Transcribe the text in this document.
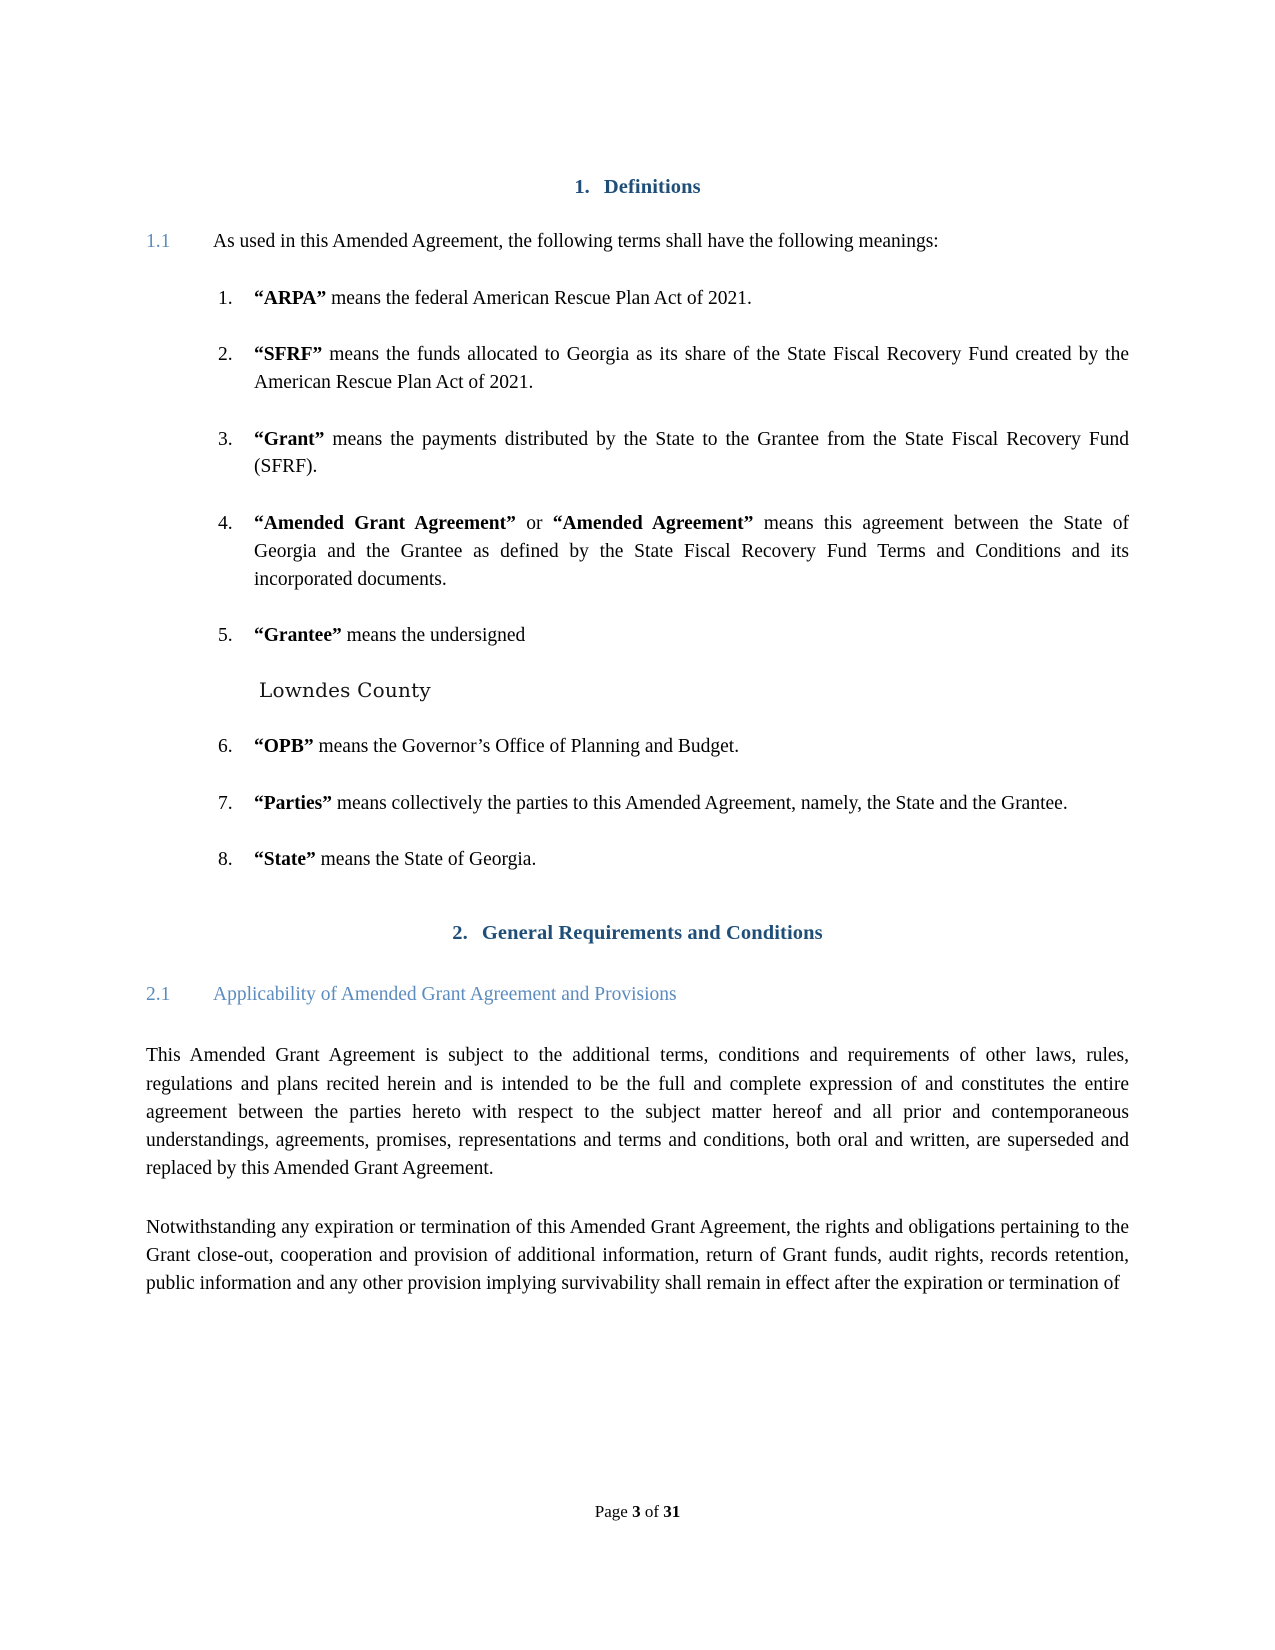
1. Definitions
1.1	As used in this Amended Agreement, the following terms shall have the following meanings:
1.	“ARPA” means the federal American Rescue Plan Act of 2021.
2.	“SFRF” means the funds allocated to Georgia as its share of the State Fiscal Recovery Fund created by the American Rescue Plan Act of 2021.
3.	“Grant” means the payments distributed by the State to the Grantee from the State Fiscal Recovery Fund (SFRF).
4.	“Amended Grant Agreement” or “Amended Agreement” means this agreement between the State of Georgia and the Grantee as defined by the State Fiscal Recovery Fund Terms and Conditions and its incorporated documents.
5.	“Grantee” means the undersigned
Lowndes County
6.	“OPB” means the Governor’s Office of Planning and Budget.
7.	“Parties” means collectively the parties to this Amended Agreement, namely, the State and the Grantee.
8.	“State” means the State of Georgia.
2. General Requirements and Conditions
2.1	Applicability of Amended Grant Agreement and Provisions

This Amended Grant Agreement is subject to the additional terms, conditions and requirements of other laws, rules, regulations and plans recited herein and is intended to be the full and complete expression of and constitutes the entire agreement between the parties hereto with respect to the subject matter hereof and all prior and contemporaneous understandings, agreements, promises, representations and terms and conditions, both oral and written, are superseded and replaced by this Amended Grant Agreement.

Notwithstanding any expiration or termination of this Amended Grant Agreement, the rights and obligations pertaining to the Grant close-out, cooperation and provision of additional information, return of Grant funds, audit rights, records retention, public information and any other provision implying survivability shall remain in effect after the expiration or termination of

Page 3 of 31
